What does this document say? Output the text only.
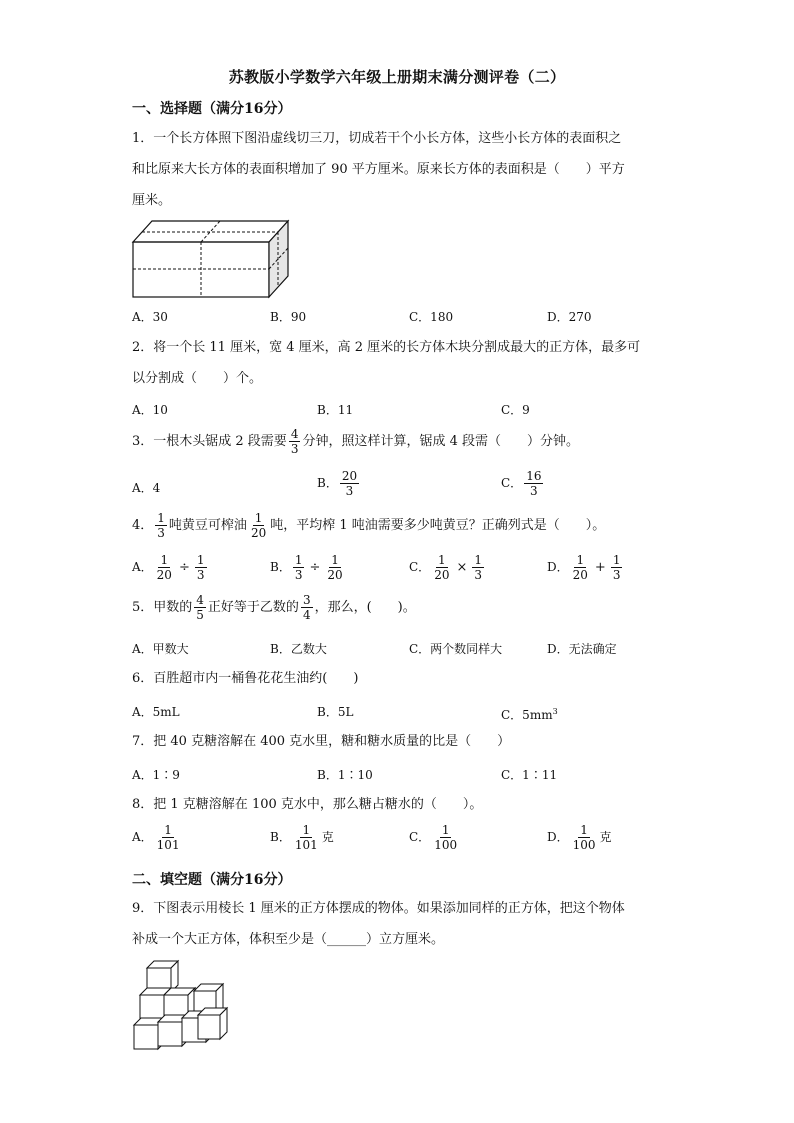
苏教版小学数学六年级上册期末满分测评卷（二）
一、选择题（满分16分）
1．一个长方体照下图沿虚线切三刀，切成若干个小长方体，这些小长方体的表面积之
和比原来大长方体的表面积增加了 90 平方厘米。原来长方体的表面积是（　　）平方
厘米。
A．30	B．90	C．180	D．270
2．将一个长 11 厘米，宽 4 厘米，高 2 厘米的长方体木块分割成最大的正方体，最多可
以分割成（　　）个。
A．10	B．11	C．9
3．一根木头锯成 2 段需要 $\frac{4}{3}$ 分钟，照这样计算，锯成 4 段需（　　）分钟。
A．4	B． $\frac{20}{3}$	C． $\frac{16}{3}$
4． $\frac{1}{3}$ 吨黄豆可榨油 $\frac{1}{20}$ 吨，平均榨 1 吨油需要多少吨黄豆？正确列式是（　　）。
A． $\frac{1}{20} \div \frac{1}{3}$	B． $\frac{1}{3} \div \frac{1}{20}$	C． $\frac{1}{20} \times \frac{1}{3}$	D． $\frac{1}{20} + \frac{1}{3}$
5．甲数的 $\frac{4}{5}$ 正好等于乙数的 $\frac{3}{4}$ ，那么，(　　)。
A．甲数大	B．乙数大	C．两个数同样大	D．无法确定
6．百胜超市内一桶鲁花花生油约(　　)
A．5mL	B．5L	C．$5mm^3$
7．把 40 克糖溶解在 400 克水里，糖和糖水质量的比是（　　）
A．1∶9	B．1∶10	C．1∶11
8．把 1 克糖溶解在 100 克水中，那么糖占糖水的（　　）。
A． $\frac{1}{101}$	B． $\frac{1}{101}$ 克	C． $\frac{1}{100}$	D． $\frac{1}{100}$ 克
二、填空题（满分16分）
9．下图表示用棱长 1 厘米的正方体摆成的物体。如果添加同样的正方体，把这个物体
补成一个大正方体，体积至少是（______）立方厘米。
